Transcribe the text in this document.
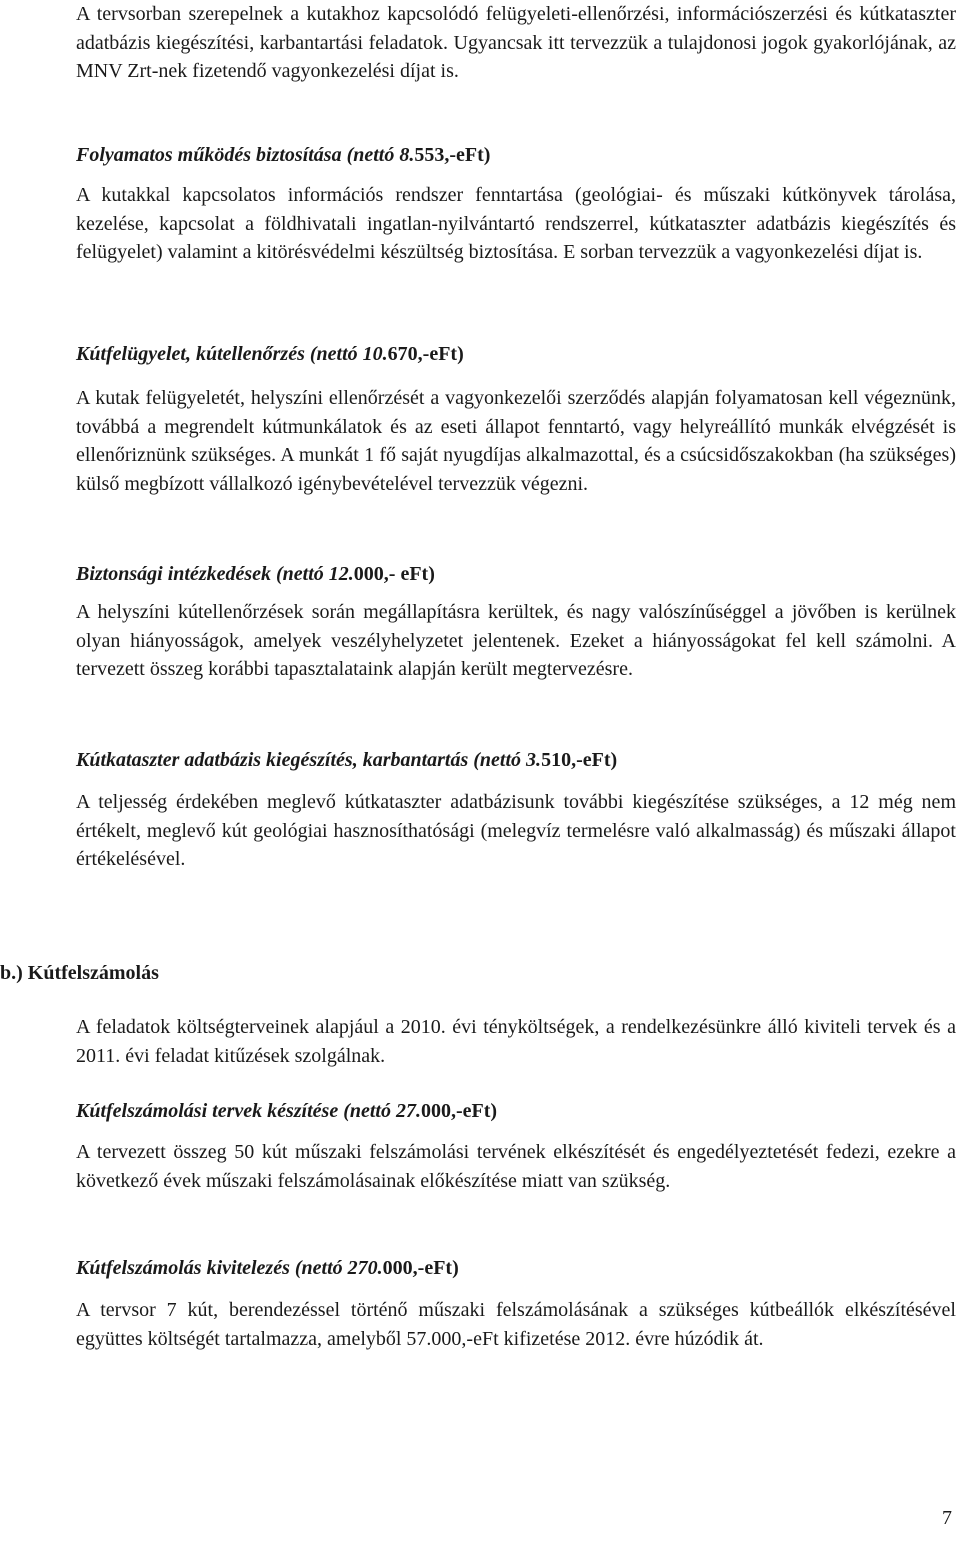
A tervsorban szerepelnek a kutakhoz kapcsolódó felügyeleti-ellenőrzési, információszerzési és kútkataszter adatbázis kiegészítési, karbantartási feladatok. Ugyancsak itt tervezzük a tulajdonosi jogok gyakorlójának, az MNV Zrt-nek fizetendő vagyonkezelési díjat is.

Folyamatos működés biztosítása (nettó 8.553,-eFt)

A kutakkal kapcsolatos információs rendszer fenntartása (geológiai- és műszaki kútkönyvek tárolása, kezelése, kapcsolat a földhivatali ingatlan-nyilvántartó rendszerrel, kútkataszter adatbázis kiegészítés és felügyelet) valamint a kitörésvédelmi készültség biztosítása. E sorban tervezzük a vagyonkezelési díjat is.

Kútfelügyelet, kútellenőrzés (nettó 10.670,-eFt)

A kutak felügyeletét, helyszíni ellenőrzését a vagyonkezelői szerződés alapján folyamatosan kell végeznünk, továbbá a megrendelt kútmunkálatok és az eseti állapot fenntartó, vagy helyreállító munkák elvégzését is ellenőriznünk szükséges. A munkát 1 fő saját nyugdíjas alkalmazottal, és a csúcsidőszakokban (ha szükséges) külső megbízott vállalkozó igénybevételével tervezzük végezni.

Biztonsági intézkedések (nettó 12.000,- eFt)

A helyszíni kútellenőrzések során megállapításra kerültek, és nagy valószínűséggel a jövőben is kerülnek olyan hiányosságok, amelyek veszélyhelyzetet jelentenek. Ezeket a hiányosságokat fel kell számolni. A tervezett összeg korábbi tapasztalataink alapján került megtervezésre.

Kútkataszter adatbázis kiegészítés, karbantartás (nettó 3.510,-eFt)

A teljesség érdekében meglevő kútkataszter adatbázisunk további kiegészítése szükséges, a 12 még nem értékelt, meglevő kút geológiai hasznosíthatósági (melegvíz termelésre való alkalmasság) és műszaki állapot értékelésével.

b.) Kútfelszámolás

A feladatok költségterveinek alapjául a 2010. évi tényköltségek, a rendelkezésünkre álló kiviteli tervek és a 2011. évi feladat kitűzések szolgálnak.

Kútfelszámolási tervek készítése (nettó 27.000,-eFt)

A tervezett összeg 50 kút műszaki felszámolási tervének elkészítését és engedélyeztetését fedezi, ezekre a következő évek műszaki felszámolásainak előkészítése miatt van szükség.

Kútfelszámolás kivitelezés (nettó 270.000,-eFt)

A tervsor 7 kút, berendezéssel történő műszaki felszámolásának a szükséges kútbeállók elkészítésével együttes költségét tartalmazza, amelyből 57.000,-eFt kifizetése 2012. évre húzódik át.

7
